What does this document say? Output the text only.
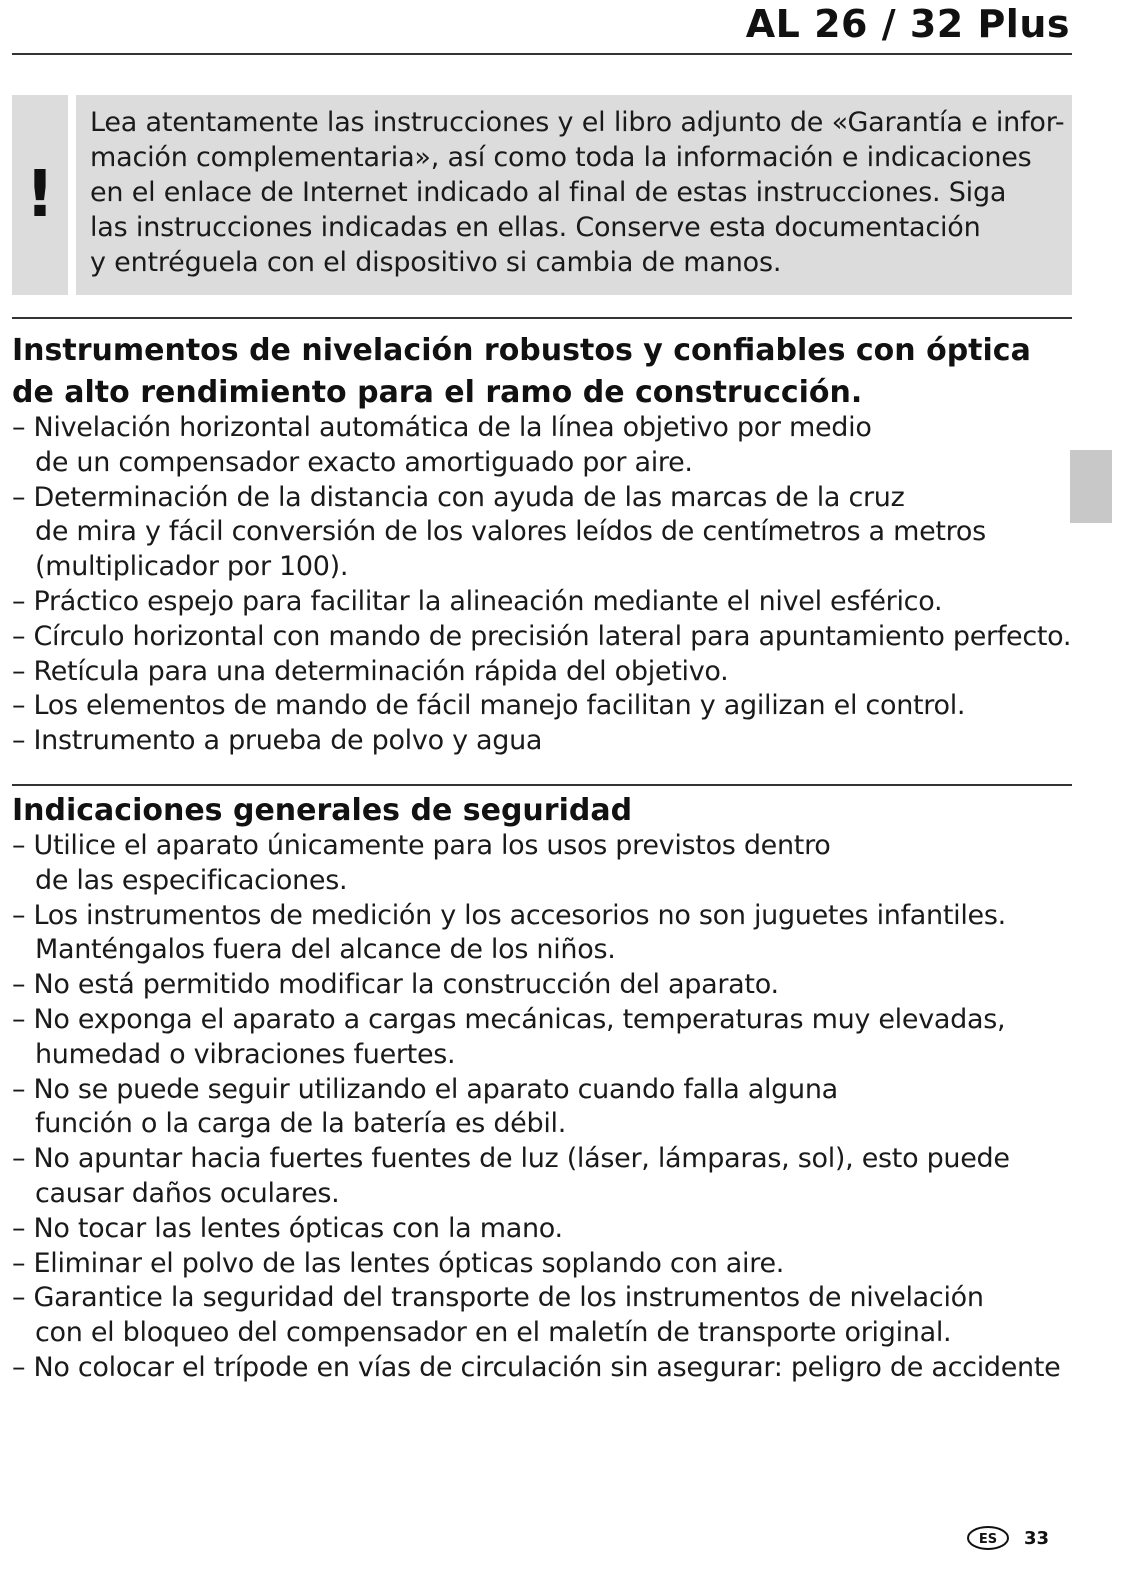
AL 26 / 32 Plus
!
Lea atentamente las instrucciones y el libro adjunto de «Garantía e infor-
mación complementaria», así como toda la información e indicaciones
en el enlace de Internet indicado al final de estas instrucciones. Siga
las instrucciones indicadas en ellas. Conserve esta documentación
y entréguela con el dispositivo si cambia de manos.
Instrumentos de nivelación robustos y confiables con óptica
de alto rendimiento para el ramo de construcción.
– Nivelación horizontal automática de la línea objetivo por medio
de un compensador exacto amortiguado por aire.
– Determinación de la distancia con ayuda de las marcas de la cruz
de mira y fácil conversión de los valores leídos de centímetros a metros
(multiplicador por 100).
– Práctico espejo para facilitar la alineación mediante el nivel esférico.
– Círculo horizontal con mando de precisión lateral para apuntamiento perfecto.
– Retícula para una determinación rápida del objetivo.
– Los elementos de mando de fácil manejo facilitan y agilizan el control.
– Instrumento a prueba de polvo y agua
Indicaciones generales de seguridad
– Utilice el aparato únicamente para los usos previstos dentro
de las especificaciones.
– Los instrumentos de medición y los accesorios no son juguetes infantiles.
Manténgalos fuera del alcance de los niños.
– No está permitido modificar la construcción del aparato.
– No exponga el aparato a cargas mecánicas, temperaturas muy elevadas,
humedad o vibraciones fuertes.
– No se puede seguir utilizando el aparato cuando falla alguna
función o la carga de la batería es débil.
– No apuntar hacia fuertes fuentes de luz (láser, lámparas, sol), esto puede
causar daños oculares.
– No tocar las lentes ópticas con la mano.
– Eliminar el polvo de las lentes ópticas soplando con aire.
– Garantice la seguridad del transporte de los instrumentos de nivelación
con el bloqueo del compensador en el maletín de transporte original.
– No colocar el trípode en vías de circulación sin asegurar: peligro de accidente
ES 33
